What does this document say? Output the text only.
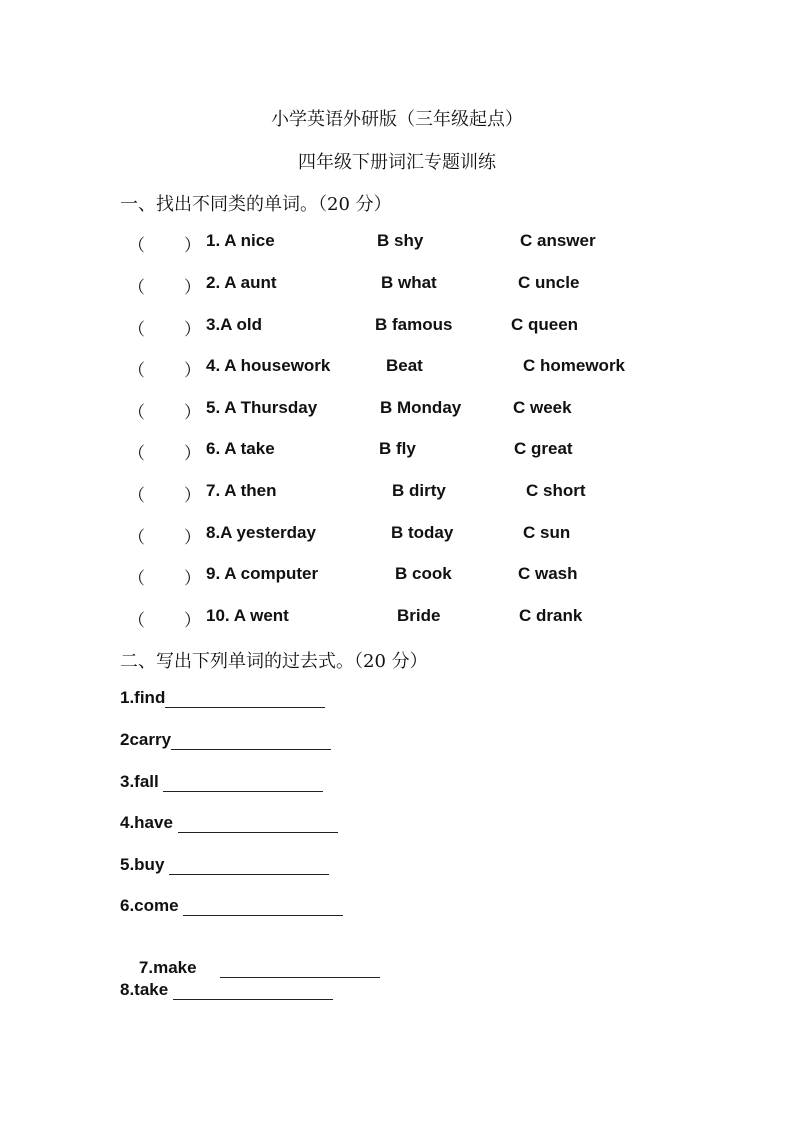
小学英语外研版（三年级起点）
四年级下册词汇专题训练
一、找出不同类的单词。（20 分）
（ ） 1. A nice	B shy	C answer
（ ） 2. A aunt	B what	C uncle
（ ） 3.A old	B famous	C queen
（ ） 4. A housework	Beat	C homework
（ ） 5. A Thursday	B Monday	C week
（ ） 6. A take	B fly	C great
（ ） 7. A then	B dirty	C short
（ ） 8.A yesterday	B today	C sun
（ ） 9. A computer	B cook	C wash
（ ） 10. A went	Bride	C drank
二、写出下列单词的过去式。（20 分）
1.find
2carry
3.fall
4.have
5.buy
6.come

7.make

8.take
